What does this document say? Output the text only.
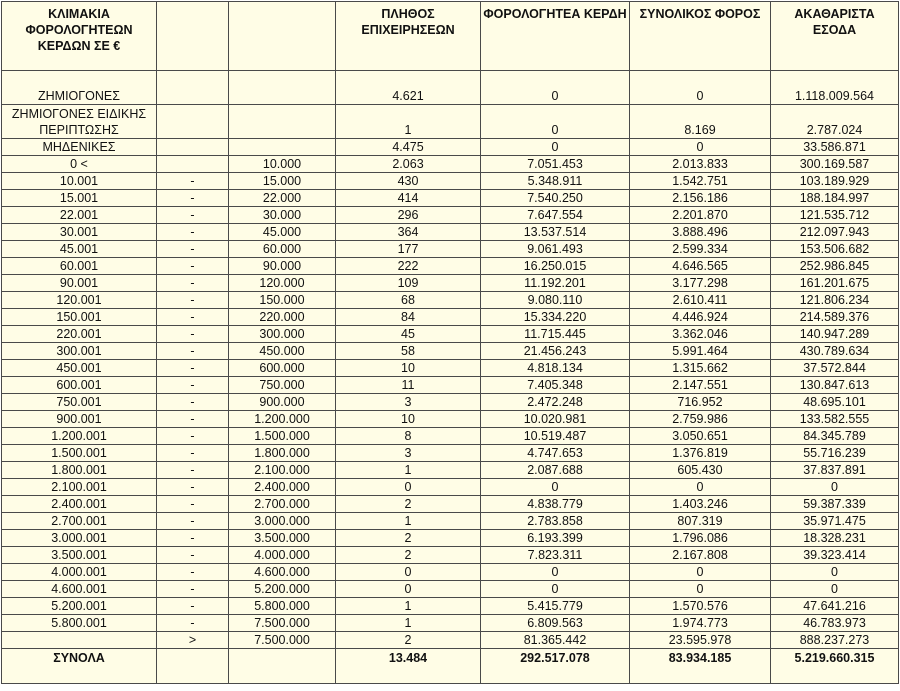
ΚΛΙΜΑΚΙΑ ΦΟΡΟΛΟΓΗΤΕΩΝ ΚΕΡΔΩΝ ΣΕ €			ΠΛΗΘΟΣ ΕΠΙΧΕΙΡΗΣΕΩΝ	ΦΟΡΟΛΟΓΗΤΕΑ ΚΕΡΔΗ	ΣΥΝΟΛΙΚΟΣ ΦΟΡΟΣ	ΑΚΑΘΑΡΙΣΤΑ ΕΣΟΔΑ
ΖΗΜΙΟΓΟΝΕΣ			4.621	0	0	1.118.009.564
ΖΗΜΙΟΓΟΝΕΣ ΕΙΔΙΚΗΣ ΠΕΡΙΠΤΩΣΗΣ			1	0	8.169	2.787.024
ΜΗΔΕΝΙΚΕΣ			4.475	0	0	33.586.871
0 <		10.000	2.063	7.051.453	2.013.833	300.169.587
10.001	-	15.000	430	5.348.911	1.542.751	103.189.929
15.001	-	22.000	414	7.540.250	2.156.186	188.184.997
22.001	-	30.000	296	7.647.554	2.201.870	121.535.712
30.001	-	45.000	364	13.537.514	3.888.496	212.097.943
45.001	-	60.000	177	9.061.493	2.599.334	153.506.682
60.001	-	90.000	222	16.250.015	4.646.565	252.986.845
90.001	-	120.000	109	11.192.201	3.177.298	161.201.675
120.001	-	150.000	68	9.080.110	2.610.411	121.806.234
150.001	-	220.000	84	15.334.220	4.446.924	214.589.376
220.001	-	300.000	45	11.715.445	3.362.046	140.947.289
300.001	-	450.000	58	21.456.243	5.991.464	430.789.634
450.001	-	600.000	10	4.818.134	1.315.662	37.572.844
600.001	-	750.000	11	7.405.348	2.147.551	130.847.613
750.001	-	900.000	3	2.472.248	716.952	48.695.101
900.001	-	1.200.000	10	10.020.981	2.759.986	133.582.555
1.200.001	-	1.500.000	8	10.519.487	3.050.651	84.345.789
1.500.001	-	1.800.000	3	4.747.653	1.376.819	55.716.239
1.800.001	-	2.100.000	1	2.087.688	605.430	37.837.891
2.100.001	-	2.400.000	0	0	0	0
2.400.001	-	2.700.000	2	4.838.779	1.403.246	59.387.339
2.700.001	-	3.000.000	1	2.783.858	807.319	35.971.475
3.000.001	-	3.500.000	2	6.193.399	1.796.086	18.328.231
3.500.001	-	4.000.000	2	7.823.311	2.167.808	39.323.414
4.000.001	-	4.600.000	0	0	0	0
4.600.001	-	5.200.000	0	0	0	0
5.200.001	-	5.800.000	1	5.415.779	1.570.576	47.641.216
5.800.001	-	7.500.000	1	6.809.563	1.974.773	46.783.973
	>	7.500.000	2	81.365.442	23.595.978	888.237.273
ΣΥΝΟΛΑ			13.484	292.517.078	83.934.185	5.219.660.315
